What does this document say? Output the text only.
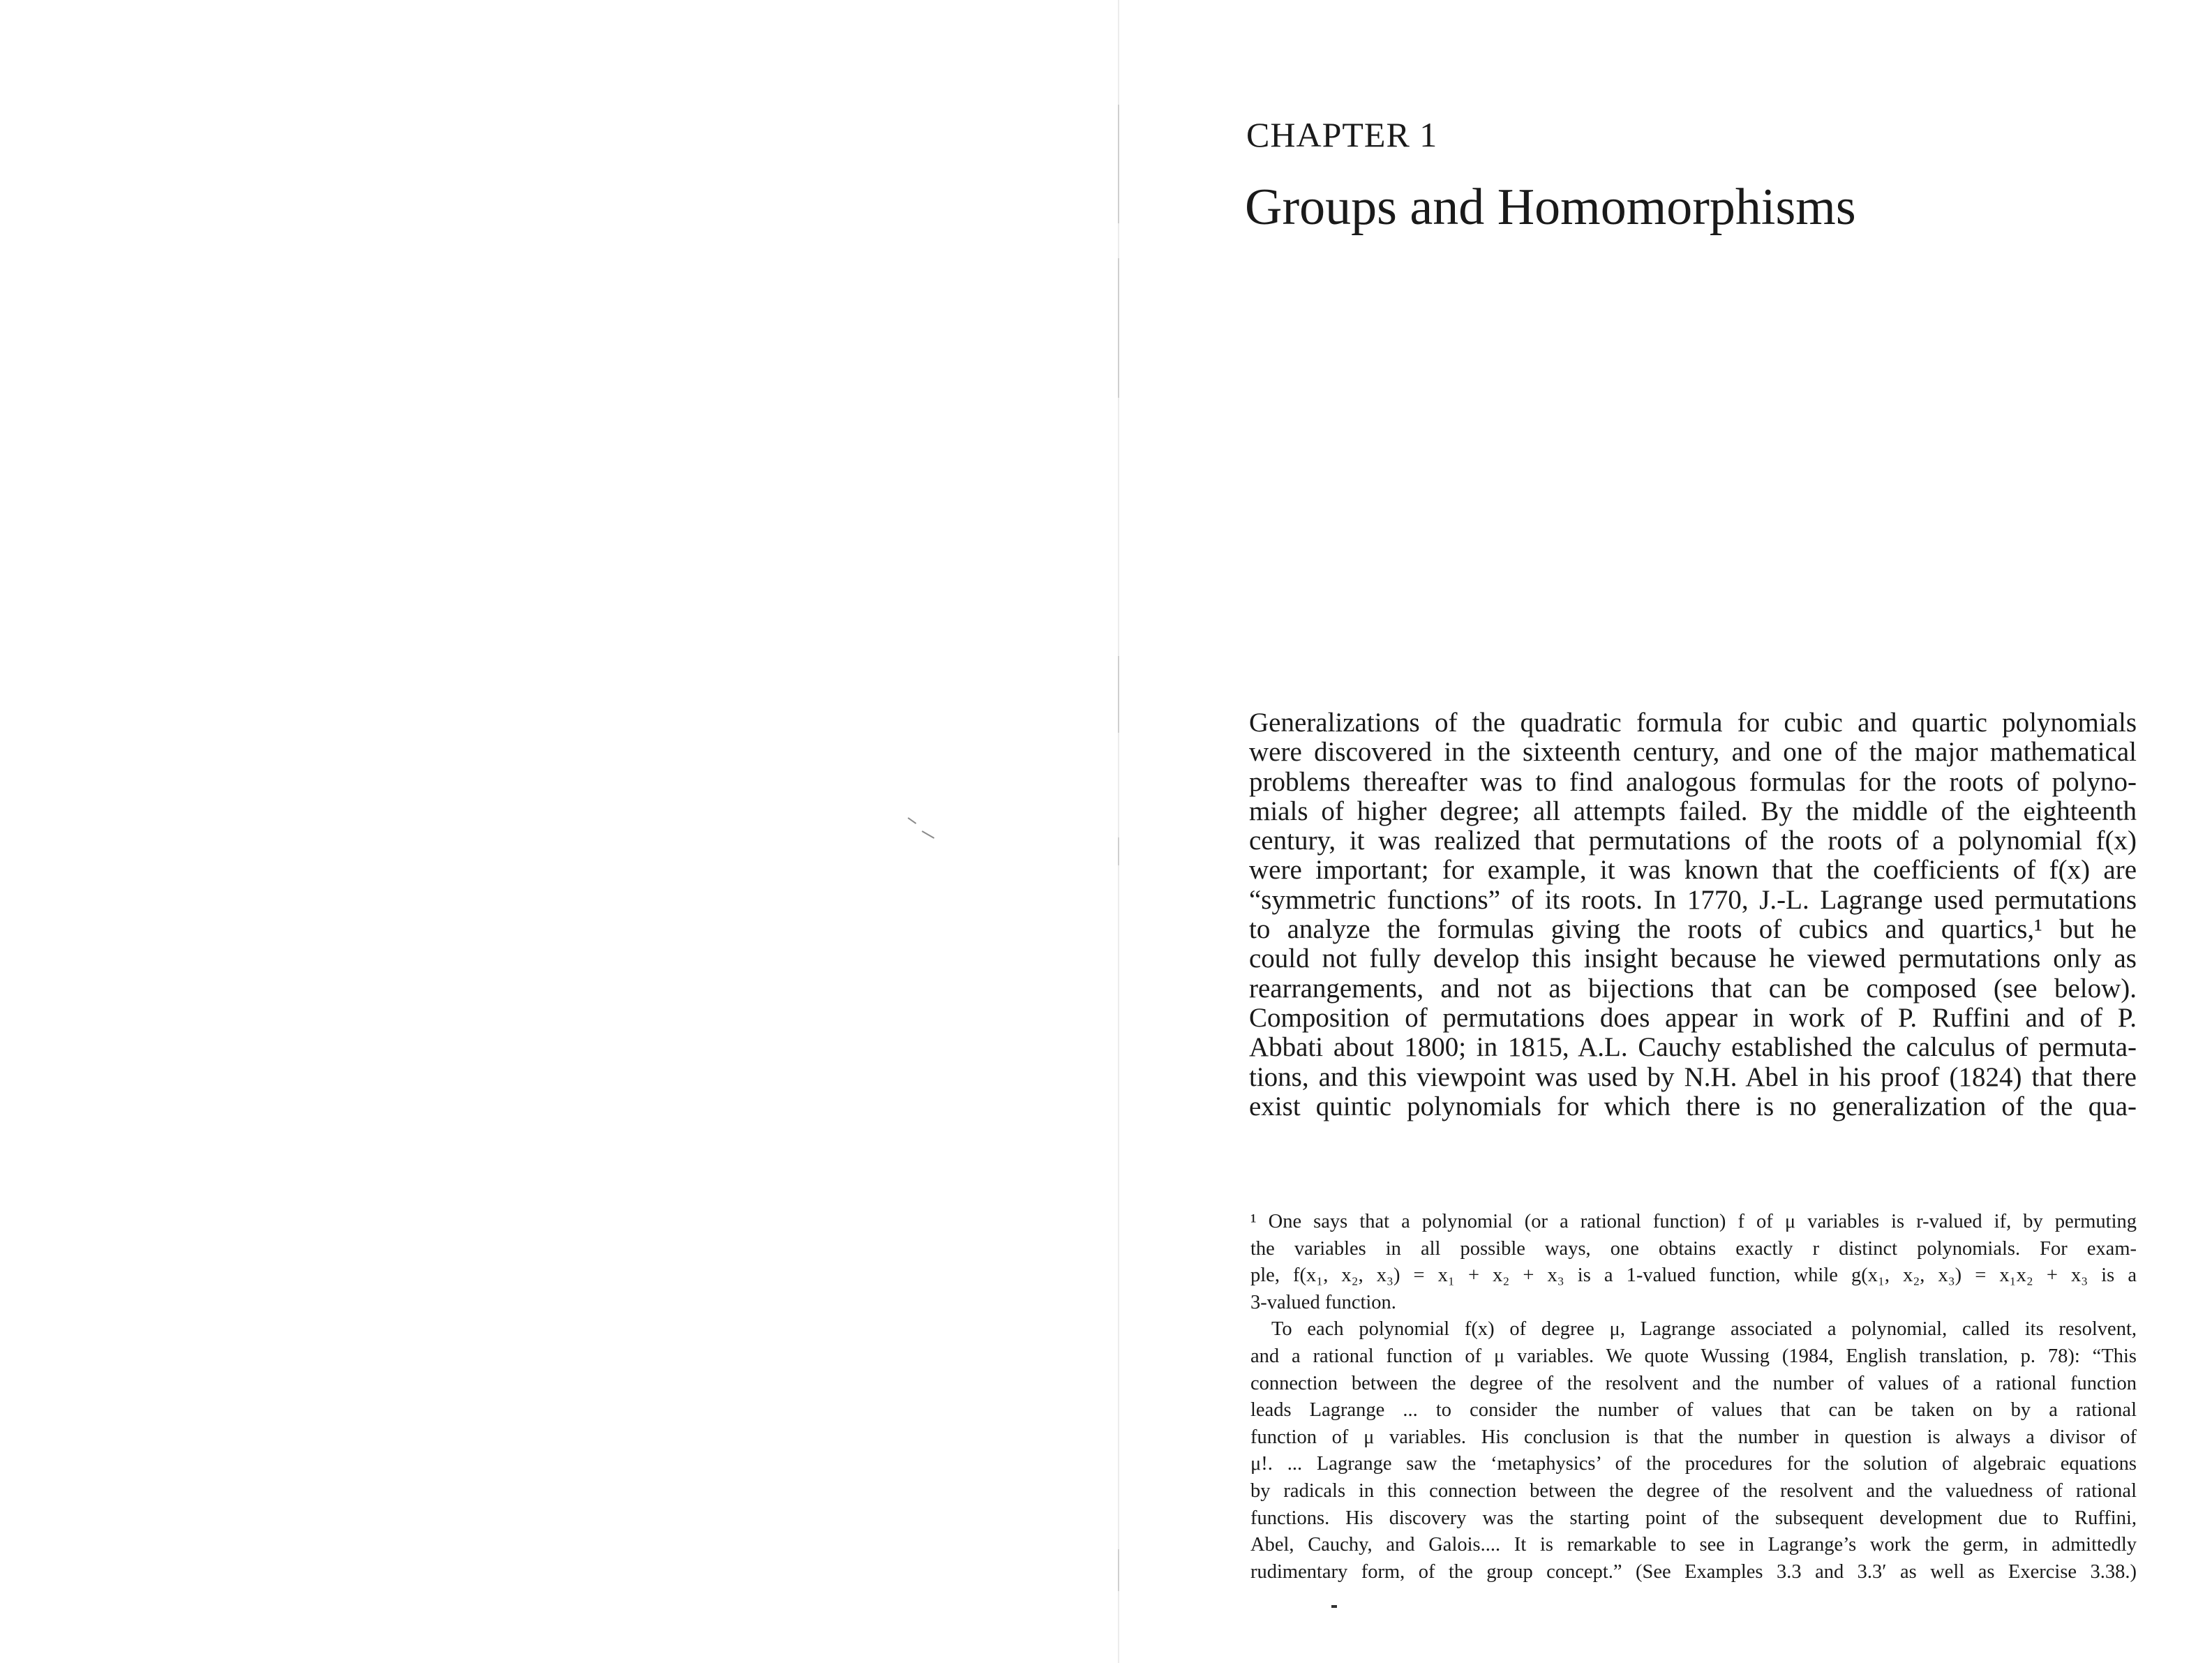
CHAPTER 1
Groups and Homomorphisms
Generalizations of the quadratic formula for cubic and quartic polynomials
were discovered in the sixteenth century, and one of the major mathematical
problems thereafter was to find analogous formulas for the roots of polyno-
mials of higher degree; all attempts failed. By the middle of the eighteenth
century, it was realized that permutations of the roots of a polynomial f(x)
were important; for example, it was known that the coefficients of f(x) are
“symmetric functions” of its roots. In 1770, J.-L. Lagrange used permutations
to analyze the formulas giving the roots of cubics and quartics,¹ but he
could not fully develop this insight because he viewed permutations only as
rearrangements, and not as bijections that can be composed (see below).
Composition of permutations does appear in work of P. Ruffini and of P.
Abbati about 1800; in 1815, A.L. Cauchy established the calculus of permuta-
tions, and this viewpoint was used by N.H. Abel in his proof (1824) that there
exist quintic polynomials for which there is no generalization of the qua-
¹ One says that a polynomial (or a rational function) f of μ variables is r-valued if, by permuting
the variables in all possible ways, one obtains exactly r distinct polynomials. For exam-
ple, f(x₁, x₂, x₃) = x₁ + x₂ + x₃ is a 1-valued function, while g(x₁, x₂, x₃) = x₁x₂ + x₃ is a
3-valued function.
To each polynomial f(x) of degree μ, Lagrange associated a polynomial, called its resolvent,
and a rational function of μ variables. We quote Wussing (1984, English translation, p. 78): “This
connection between the degree of the resolvent and the number of values of a rational function
leads Lagrange ... to consider the number of values that can be taken on by a rational
function of μ variables. His conclusion is that the number in question is always a divisor of
μ!. ... Lagrange saw the ‘metaphysics’ of the procedures for the solution of algebraic equations
by radicals in this connection between the degree of the resolvent and the valuedness of rational
functions. His discovery was the starting point of the subsequent development due to Ruffini,
Abel, Cauchy, and Galois.... It is remarkable to see in Lagrange’s work the germ, in admittedly
rudimentary form, of the group concept.” (See Examples 3.3 and 3.3′ as well as Exercise 3.38.)
